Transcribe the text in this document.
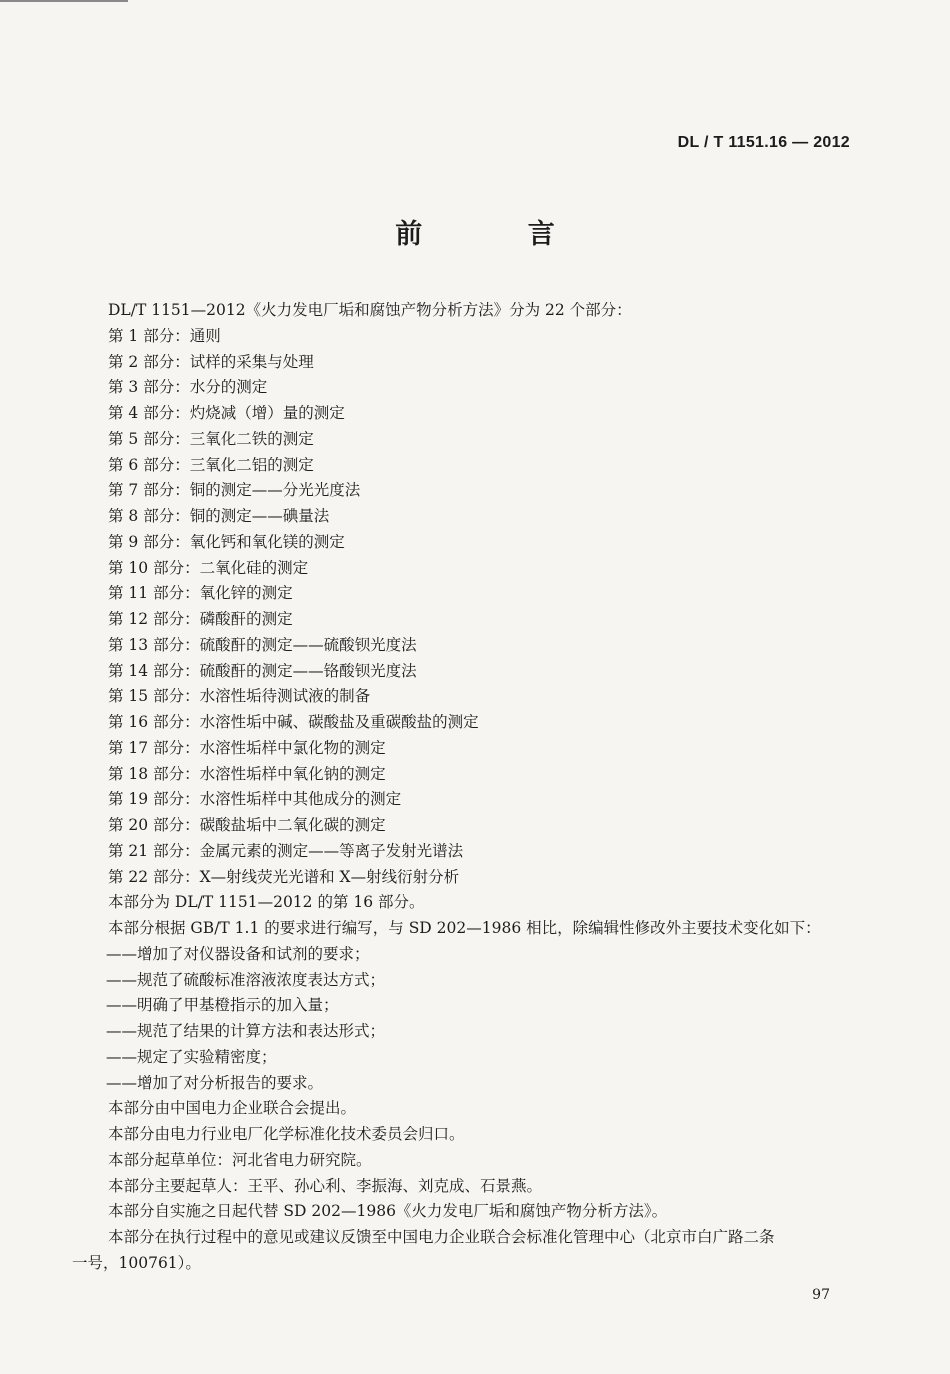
DL / T 1151.16 — 2012
前 言
DL/T 1151—2012《火力发电厂垢和腐蚀产物分析方法》分为 22 个部分：
第 1 部分：通则
第 2 部分：试样的采集与处理
第 3 部分：水分的测定
第 4 部分：灼烧减（增）量的测定
第 5 部分：三氧化二铁的测定
第 6 部分：三氧化二铝的测定
第 7 部分：铜的测定——分光光度法
第 8 部分：铜的测定——碘量法
第 9 部分：氧化钙和氧化镁的测定
第 10 部分：二氧化硅的测定
第 11 部分：氧化锌的测定
第 12 部分：磷酸酐的测定
第 13 部分：硫酸酐的测定——硫酸钡光度法
第 14 部分：硫酸酐的测定——铬酸钡光度法
第 15 部分：水溶性垢待测试液的制备
第 16 部分：水溶性垢中碱、碳酸盐及重碳酸盐的测定
第 17 部分：水溶性垢样中氯化物的测定
第 18 部分：水溶性垢样中氧化钠的测定
第 19 部分：水溶性垢样中其他成分的测定
第 20 部分：碳酸盐垢中二氧化碳的测定
第 21 部分：金属元素的测定——等离子发射光谱法
第 22 部分：X—射线荧光光谱和 X—射线衍射分析
本部分为 DL/T 1151—2012 的第 16 部分。
本部分根据 GB/T 1.1 的要求进行编写，与 SD 202—1986 相比，除编辑性修改外主要技术变化如下：
——增加了对仪器设备和试剂的要求；
——规范了硫酸标准溶液浓度表达方式；
——明确了甲基橙指示的加入量；
——规范了结果的计算方法和表达形式；
——规定了实验精密度；
——增加了对分析报告的要求。
本部分由中国电力企业联合会提出。
本部分由电力行业电厂化学标准化技术委员会归口。
本部分起草单位：河北省电力研究院。
本部分主要起草人：王平、孙心利、李振海、刘克成、石景燕。
本部分自实施之日起代替 SD 202—1986《火力发电厂垢和腐蚀产物分析方法》。
本部分在执行过程中的意见或建议反馈至中国电力企业联合会标准化管理中心（北京市白广路二条
一号，100761）。
97
